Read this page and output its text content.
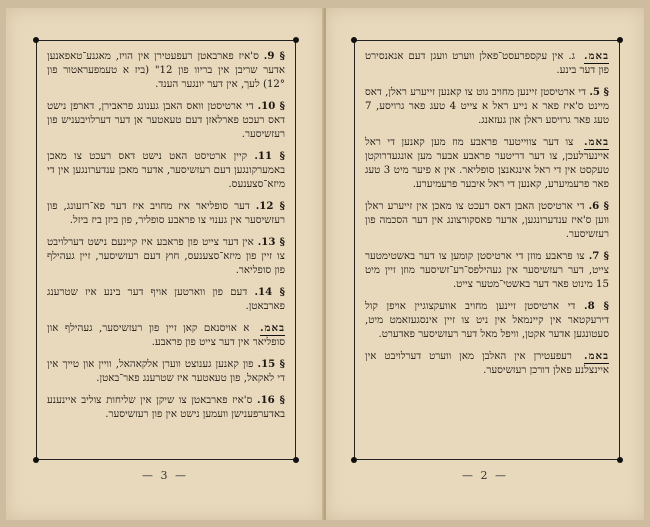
§ 9. ס'איז פארבאטן רעפעטירן אין הויז, מאגנע־טאפאנען אדער שריבן אין בריוו פון 12" (ביז א טעמפעראטור פון 12°) לעך, אין דער יונגער הענד.

§ 10. די ארטיסטן וואס האבן גענונג פראבירן, דארפן נישט דאס רעכט פארלאזן דעם טעאטער אן דער דערלויבעניש פון רעזשיסער.

§ 11. קיין ארטיסט האט נישט דאס רעכט צו מאכן באמערקונגען דעם רעזשיסער, אדער מאכן ענדערונגען אין די מיזא־סצענעס.

§ 12. דער סופליאר איז מחויב איז דער פא־רזעונג, פון רעזשיסער אין גענוי צו פראבע סופליר, פון ביזן ביז ביזל.

§ 13. אין דער צייט פון פראבע איז קיינעם נישט דערלויבט צו זיין פון מיזא־סצענעס, חוץ דעם רעזשיסער, זיין געהילף פון סופליאר.

§ 14. דעם פון ווארטען אויף דער בינע איז שטרענג פארבאטן.

באמ. א אויסנאם קאן זיין פון רעזשיסער, געהילף און סופליאר אין דער צייט פון פראבע.

§ 15. פון קאנען גענוצט ווערן אלקאהאל, וויין און טייך אין די לאקאל, פון טעאטער איז שטרענג פאר־באטן.

§ 16. ס'איז פארבאטן צו שיקן אין שליחות צוליב איינענע באדערפענישן וועמען נישט אין פון רעזשיסער.

— 3 —

באמ. ג. אין עקספרעסט־פאלן ווערט וועגן דעם אנאנסירט פון דער בינע.

§ 5. די ארטיסטן זיינען מחויב גוט צו קאנען זייערע ראלן, דאס מיינט ס'איז פאר א נייע ראל א צייט 4 טעג פאר גרויסע, 7 טעג פאר גרויסע ראלן און געזאנג.

באמ. צו דער צווייטער פראבע מוז מען קאנען די ראל איינערלעכן, צו דער דריטער פראבע אבער מען אונגעדרוקטן טעקסט אין די ראל אינגאנצן סופליאר. אין א פיער מיט 3 טעג פאר פרעמיערע, קאנען די ראל איבער פרעמיערע.

§ 6. די ארטיסטן האבן דאס רעכט צו מאכן אין זייערע ראלן ווען ס'איז ענדערונגען, אדער פאסקורצונג אין דער הסכמה פון רעזשיסער.

§ 7. צו פראבע מוזן די ארטיסטן קומען צו דער באשטימטער צייט, דער רעזשיסער אין געהילפס־רע־זשיסער מוזן זיין מיט 15 מינוט פאר דער באשטי־מטער צייט.

§ 8. די ארטיסטן זיינען מחויב אוועקצוגיין אויפן קול דירעקטאר אין קיינמאל אין ניט צו זיין אינסגעזאמט מיט, סעטונגען אדער אקטן, וויפל מאל דער רעזשיסער פאדערט.

באמ. רעפעטירן אין האלבן מאן ווערט דערלויבט אין איינצלנע פאלן דורכן רעזשיסער.

— 2 —
